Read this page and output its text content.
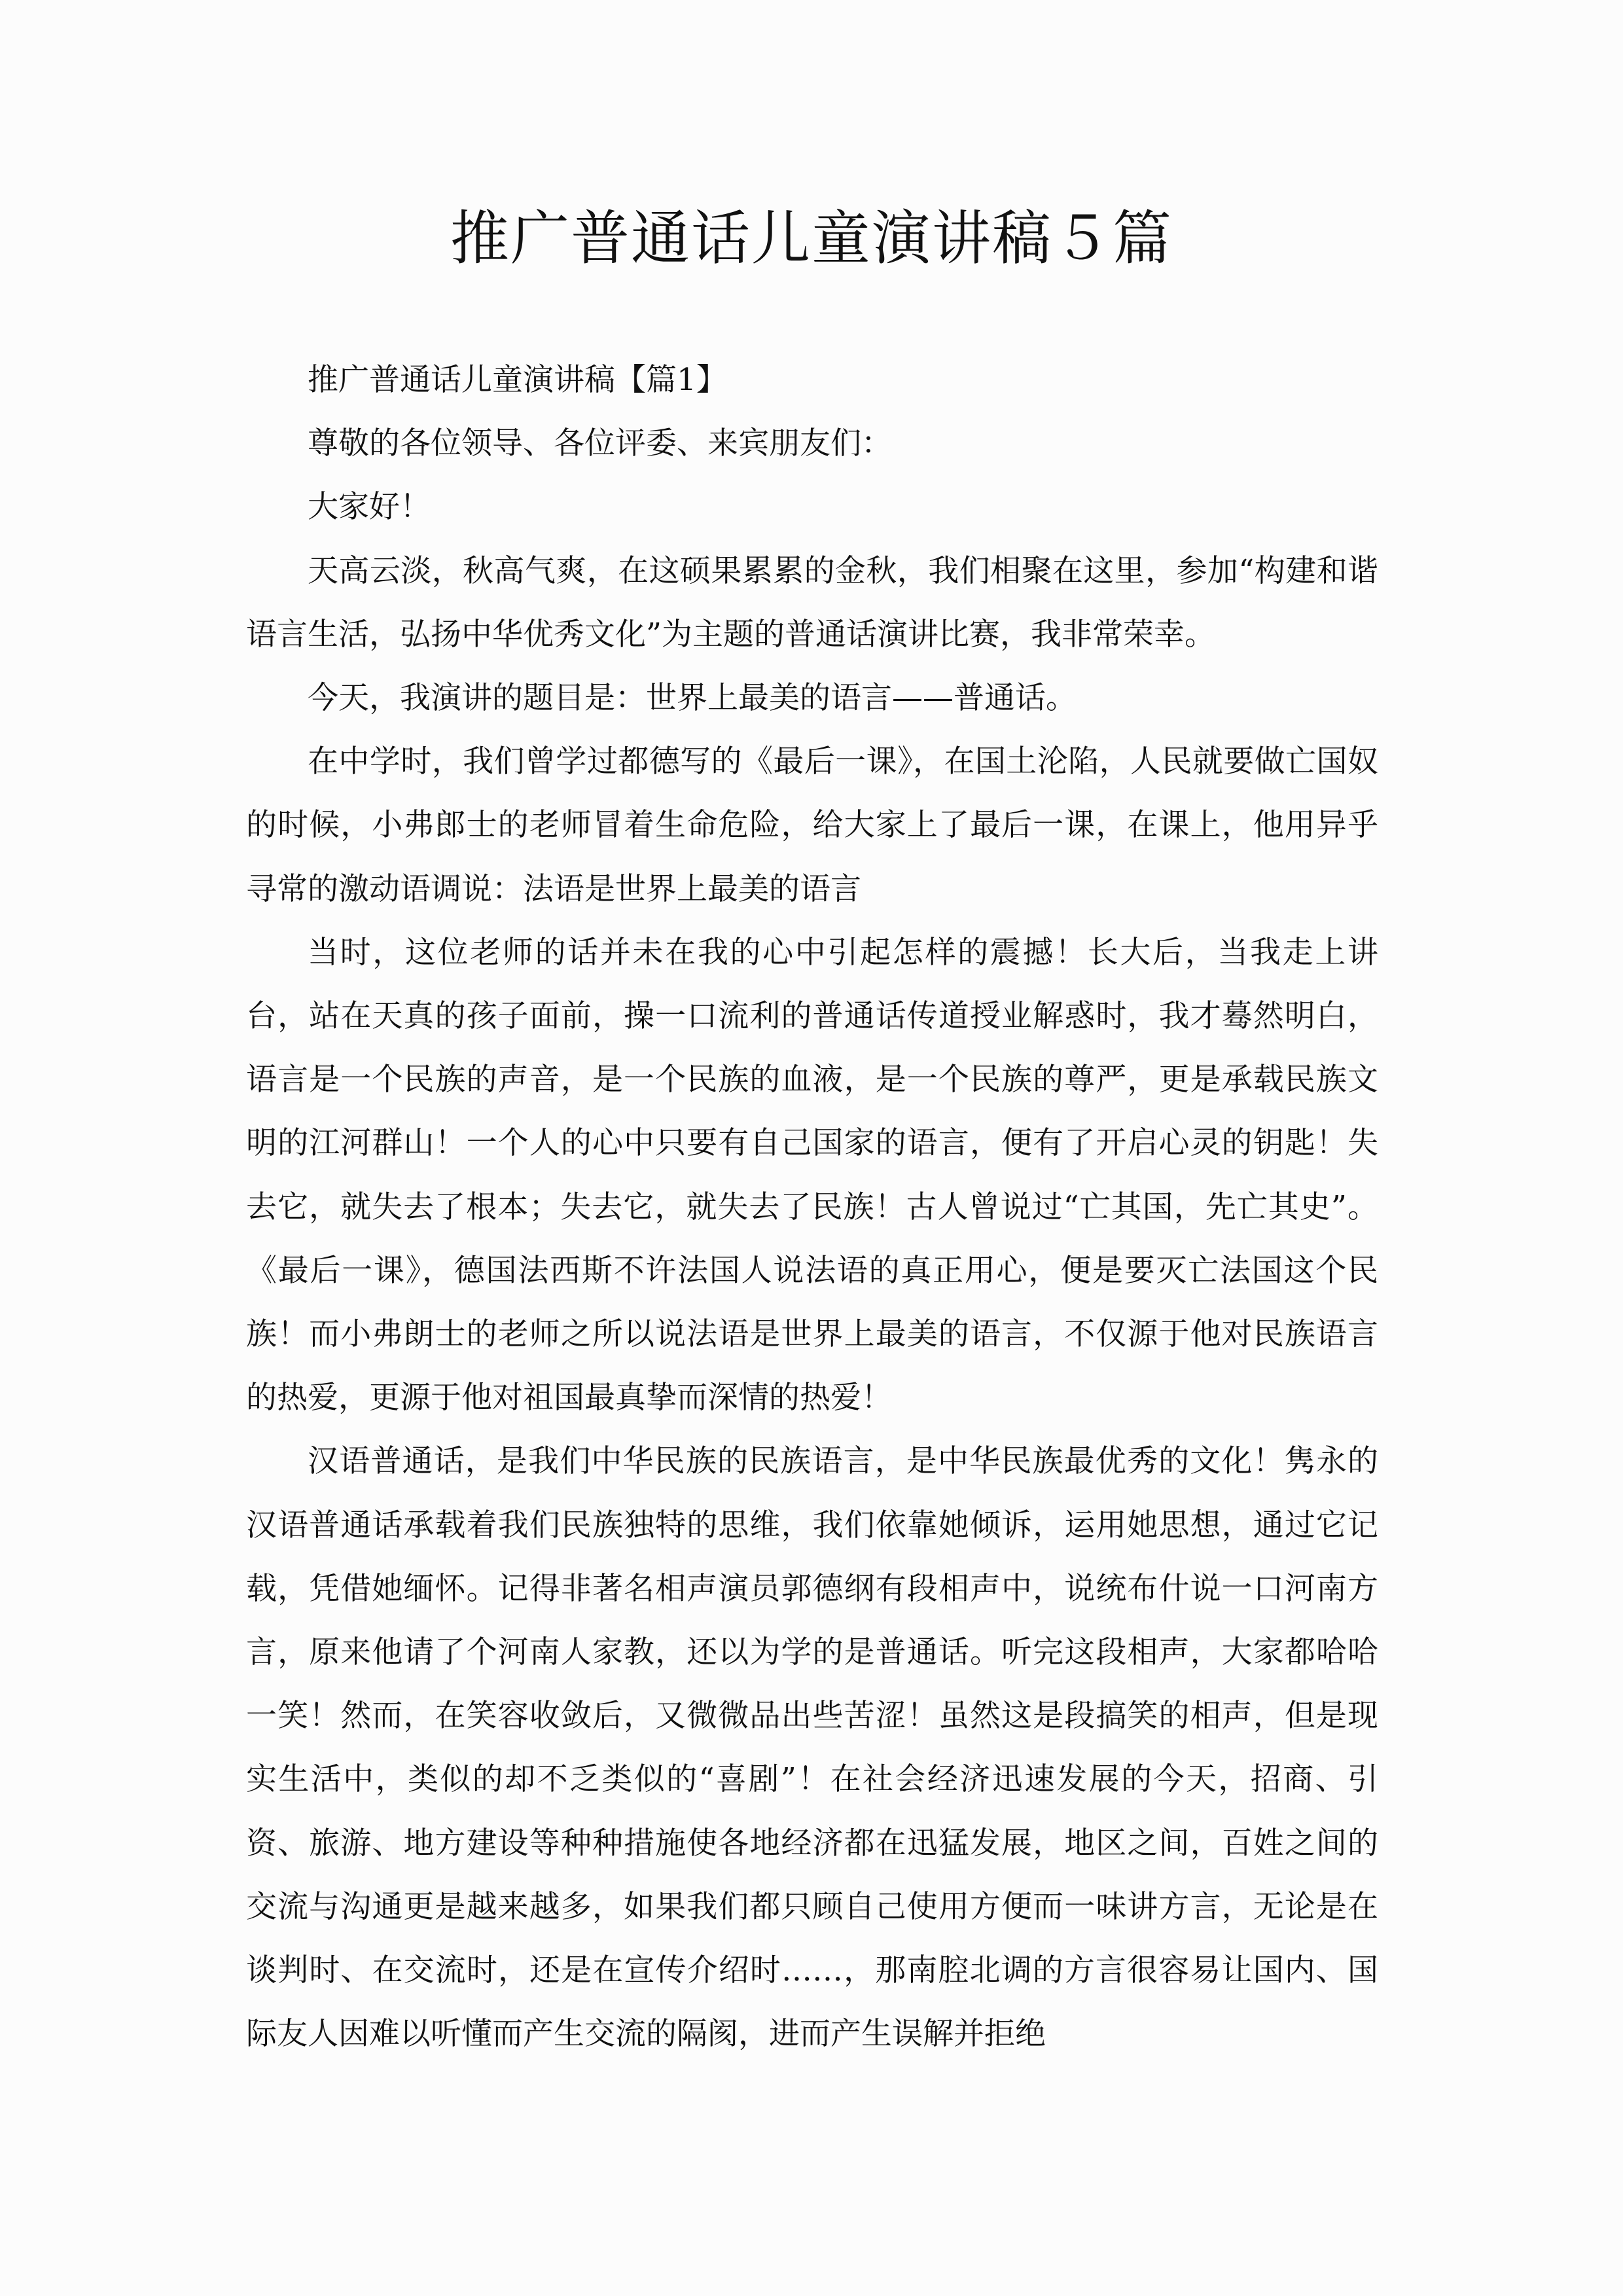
推广普通话儿童演讲稿５篇

推广普通话儿童演讲稿【篇1】

尊敬的各位领导、各位评委、来宾朋友们：

大家好！

天高云淡，秋高气爽，在这硕果累累的金秋，我们相聚在这里，参加“构建和谐语言生活，弘扬中华优秀文化”为主题的普通话演讲比赛，我非常荣幸。

今天，我演讲的题目是：世界上最美的语言——普通话。

在中学时，我们曾学过都德写的《最后一课》，在国土沦陷，人民就要做亡国奴的时候，小弗郎士的老师冒着生命危险，给大家上了最后一课，在课上，他用异乎寻常的激动语调说：法语是世界上最美的语言

当时，这位老师的话并未在我的心中引起怎样的震撼！长大后，当我走上讲台，站在天真的孩子面前，操一口流利的普通话传道授业解惑时，我才蓦然明白，语言是一个民族的声音，是一个民族的血液，是一个民族的尊严，更是承载民族文明的江河群山！一个人的心中只要有自己国家的语言，便有了开启心灵的钥匙！失去它，就失去了根本；失去它，就失去了民族！古人曾说过“亡其国，先亡其史”。《最后一课》，德国法西斯不许法国人说法语的真正用心，便是要灭亡法国这个民族！而小弗朗士的老师之所以说法语是世界上最美的语言，不仅源于他对民族语言的热爱，更源于他对祖国最真挚而深情的热爱！

汉语普通话，是我们中华民族的民族语言，是中华民族最优秀的文化！隽永的汉语普通话承载着我们民族独特的思维，我们依靠她倾诉，运用她思想，通过它记载，凭借她缅怀。记得非著名相声演员郭德纲有段相声中，说统布什说一口河南方言，原来他请了个河南人家教，还以为学的是普通话。听完这段相声，大家都哈哈一笑！然而，在笑容收敛后，又微微品出些苦涩！虽然这是段搞笑的相声，但是现实生活中，类似的却不乏类似的“喜剧”！在社会经济迅速发展的今天，招商、引资、旅游、地方建设等种种措施使各地经济都在迅猛发展，地区之间，百姓之间的交流与沟通更是越来越多，如果我们都只顾自己使用方便而一味讲方言，无论是在谈判时、在交流时，还是在宣传介绍时……，那南腔北调的方言很容易让国内、国际友人因难以听懂而产生交流的隔阂，进而产生误解并拒绝
